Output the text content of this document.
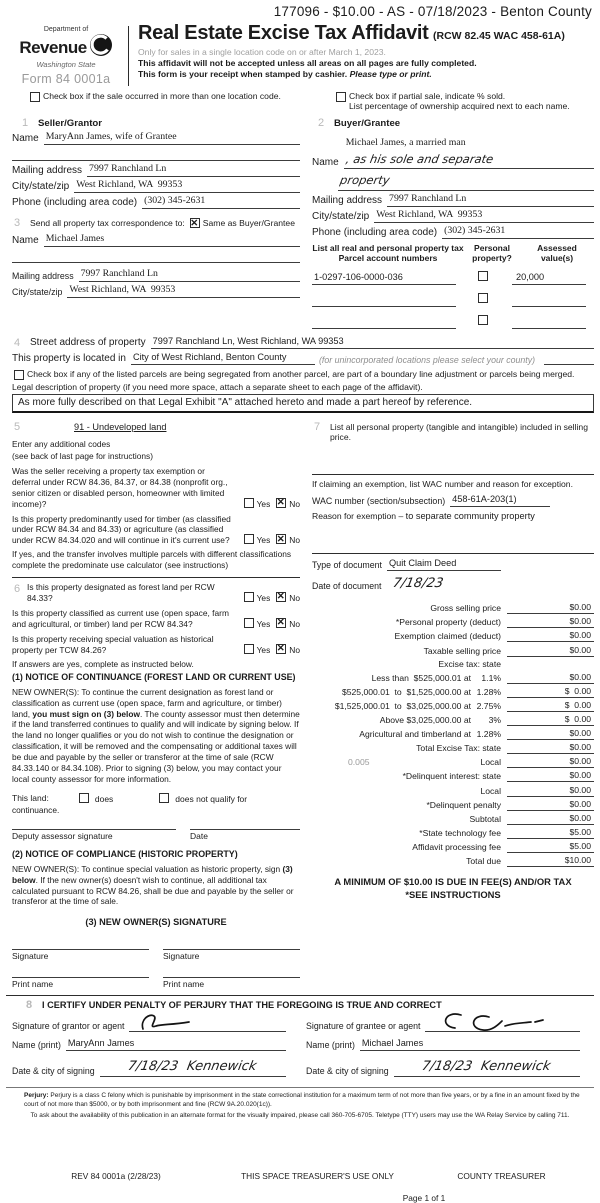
177096 - $10.00 - AS - 07/18/2023 - Benton County
Department of
Revenue
Washington State
Form 84 0001a
Real Estate Excise Tax Affidavit (RCW 82.45 WAC 458-61A)
Only for sales in a single location code on or after March 1, 2023.
This affidavit will not be accepted unless all areas on all pages are fully completed.
This form is your receipt when stamped by cashier. Please type or print.
Check box if the sale occurred in more than one location code.	Check box if partial sale, indicate % sold.
List percentage of ownership acquired next to each name.
1	Seller/Grantor
Name MaryAnn James, wife of Grantee
Mailing address 7997 Ranchland Ln
City/state/zip West Richland, WA  99353
Phone (including area code) (302) 345-2631
3	Send all property tax correspondence to: ✕ Same as Buyer/Grantee
Name Michael James
Mailing address 7997 Ranchland Ln
City/state/zip West Richland, WA  99353
2	Buyer/Grantee
Name
Michael James, a married man , as his sole and separate
property
Mailing address 7997 Ranchland Ln
City/state/zip West Richland, WA  99353
Phone (including area code) (302) 345-2631
List all real and personal property tax
Parcel account numbers
Personal
property?
Assessed
value(s)
1-0297-106-0000-036	20,000
4 Street address of property 7997 Ranchland Ln, West Richland, WA 99353
This property is located in City of West Richland, Benton County	(for unincorporated locations please select your county)
Check box if any of the listed parcels are being segregated from another parcel, are part of a boundary line adjustment or parcels being merged.
Legal description of property (if you need more space, attach a separate sheet to each page of the affidavit).
As more fully described on that Legal Exhibit "A" attached hereto and made a part hereof by reference.
5	91 - Undeveloped land
Enter any additional codes
(see back of last page for instructions)
Was the seller receiving a property tax exemption or deferral under RCW 84.36, 84.37, or 84.38 (nonprofit org., senior citizen or disabled person, homeowner with limited income)?	Yes ✕ No
Is this property predominantly used for timber (as classified under RCW 84.34 and 84.33) or agriculture (as classified under RCW 84.34.020 and will continue in it's current use?	Yes ✕ No
If yes, and the transfer involves multiple parcels with different classifications complete the predominate use calculator (see instructions)
6 Is this property designated as forest land per RCW 84.33?	Yes ✕ No
Is this property classified as current use (open space, farm and agricultural, or timber) land per RCW 84.34?	Yes ✕ No
Is this property receiving special valuation as historical property per TCW 84.26?	Yes ✕ No
If answers are yes, complete as instructed below.
(1) NOTICE OF CONTINUANCE (FOREST LAND OR CURRENT USE)
NEW OWNER(S): To continue the current designation as forest land or classification as current use (open space, farm and agriculture, or timber) land, you must sign on (3) below. The county assessor must then determine if the land transferred continues to qualify and will indicate by signing below. If the land no longer qualifies or you do not wish to continue the designation or classification, it will be removed and the compensating or additional taxes will be due and payable by the seller or transferor at the time of sale (RCW 84.33.140 or 84.34.108). Prior to signing (3) below, you may contact your local county assessor for more information.
This land:	does	does not qualify for
continuance.
Deputy assessor signature	Date
(2) NOTICE OF COMPLIANCE (HISTORIC PROPERTY)
NEW OWNER(S): To continue special valuation as historic property, sign (3) below. If the new owner(s) doesn't wish to continue, all additional tax calculated pursuant to RCW 84.26, shall be due and payable by the seller or transferor at the time of sale.
(3) NEW OWNER(S) SIGNATURE
Signature	Signature
Print name	Print name
7	List all personal property (tangible and intangible) included in selling price.
If claiming an exemption, list WAC number and reason for exception.
WAC number (section/subsection) 458-61A-203(1)
Reason for exemption – to separate community property
Type of document Quit Claim Deed
Date of document 7/18/23
Gross selling price	$0.00
*Personal property (deduct)	$0.00
Exemption claimed (deduct)	$0.00
Taxable selling price	$0.00
Excise tax: state
Less than  $525,000.01 at	1.1%	$0.00
$525,000.01  to  $1,525,000.00 at 1.28%	$  0.00
$1,525,000.01  to  $3,025,000.00 at 2.75%	$  0.00
Above $3,025,000.00 at	3%	$  0.00
Agricultural and timberland at 1.28%	$0.00
Total Excise Tax: state	$0.00
0.005	Local	$0.00
*Delinquent interest: state	$0.00
Local	$0.00
*Delinquent penalty	$0.00
Subtotal	$0.00
*State technology fee	$5.00
Affidavit processing fee	$5.00
Total due	$10.00
A MINIMUM OF $10.00 IS DUE IN FEE(S) AND/OR TAX
*SEE INSTRUCTIONS
8	I CERTIFY UNDER PENALTY OF PERJURY THAT THE FOREGOING IS TRUE AND CORRECT
Signature of grantor or agent
Name (print) MaryAnn James
Date & city of signing	7/18/23 Kennewick
Signature of grantee or agent
Name (print) Michael James
Date & city of signing	7/18/23 Kennewick
Perjury: Perjury is a class C felony which is punishable by imprisonment in the state correctional institution for a maximum term of not more than five years, or by a fine in an amount fixed by the court of not more than $5000, or by both imprisonment and fine (RCW 9A.20.020(1c)).
To ask about the availability of this publication in an alternate format for the visually impaired, please call 360-705-6705. Teletype (TTY) users may use the WA Relay Service by calling 711.
REV 84 0001a (2/28/23)	THIS SPACE TREASURER'S USE ONLY	COUNTY TREASURER
Page 1 of 1
